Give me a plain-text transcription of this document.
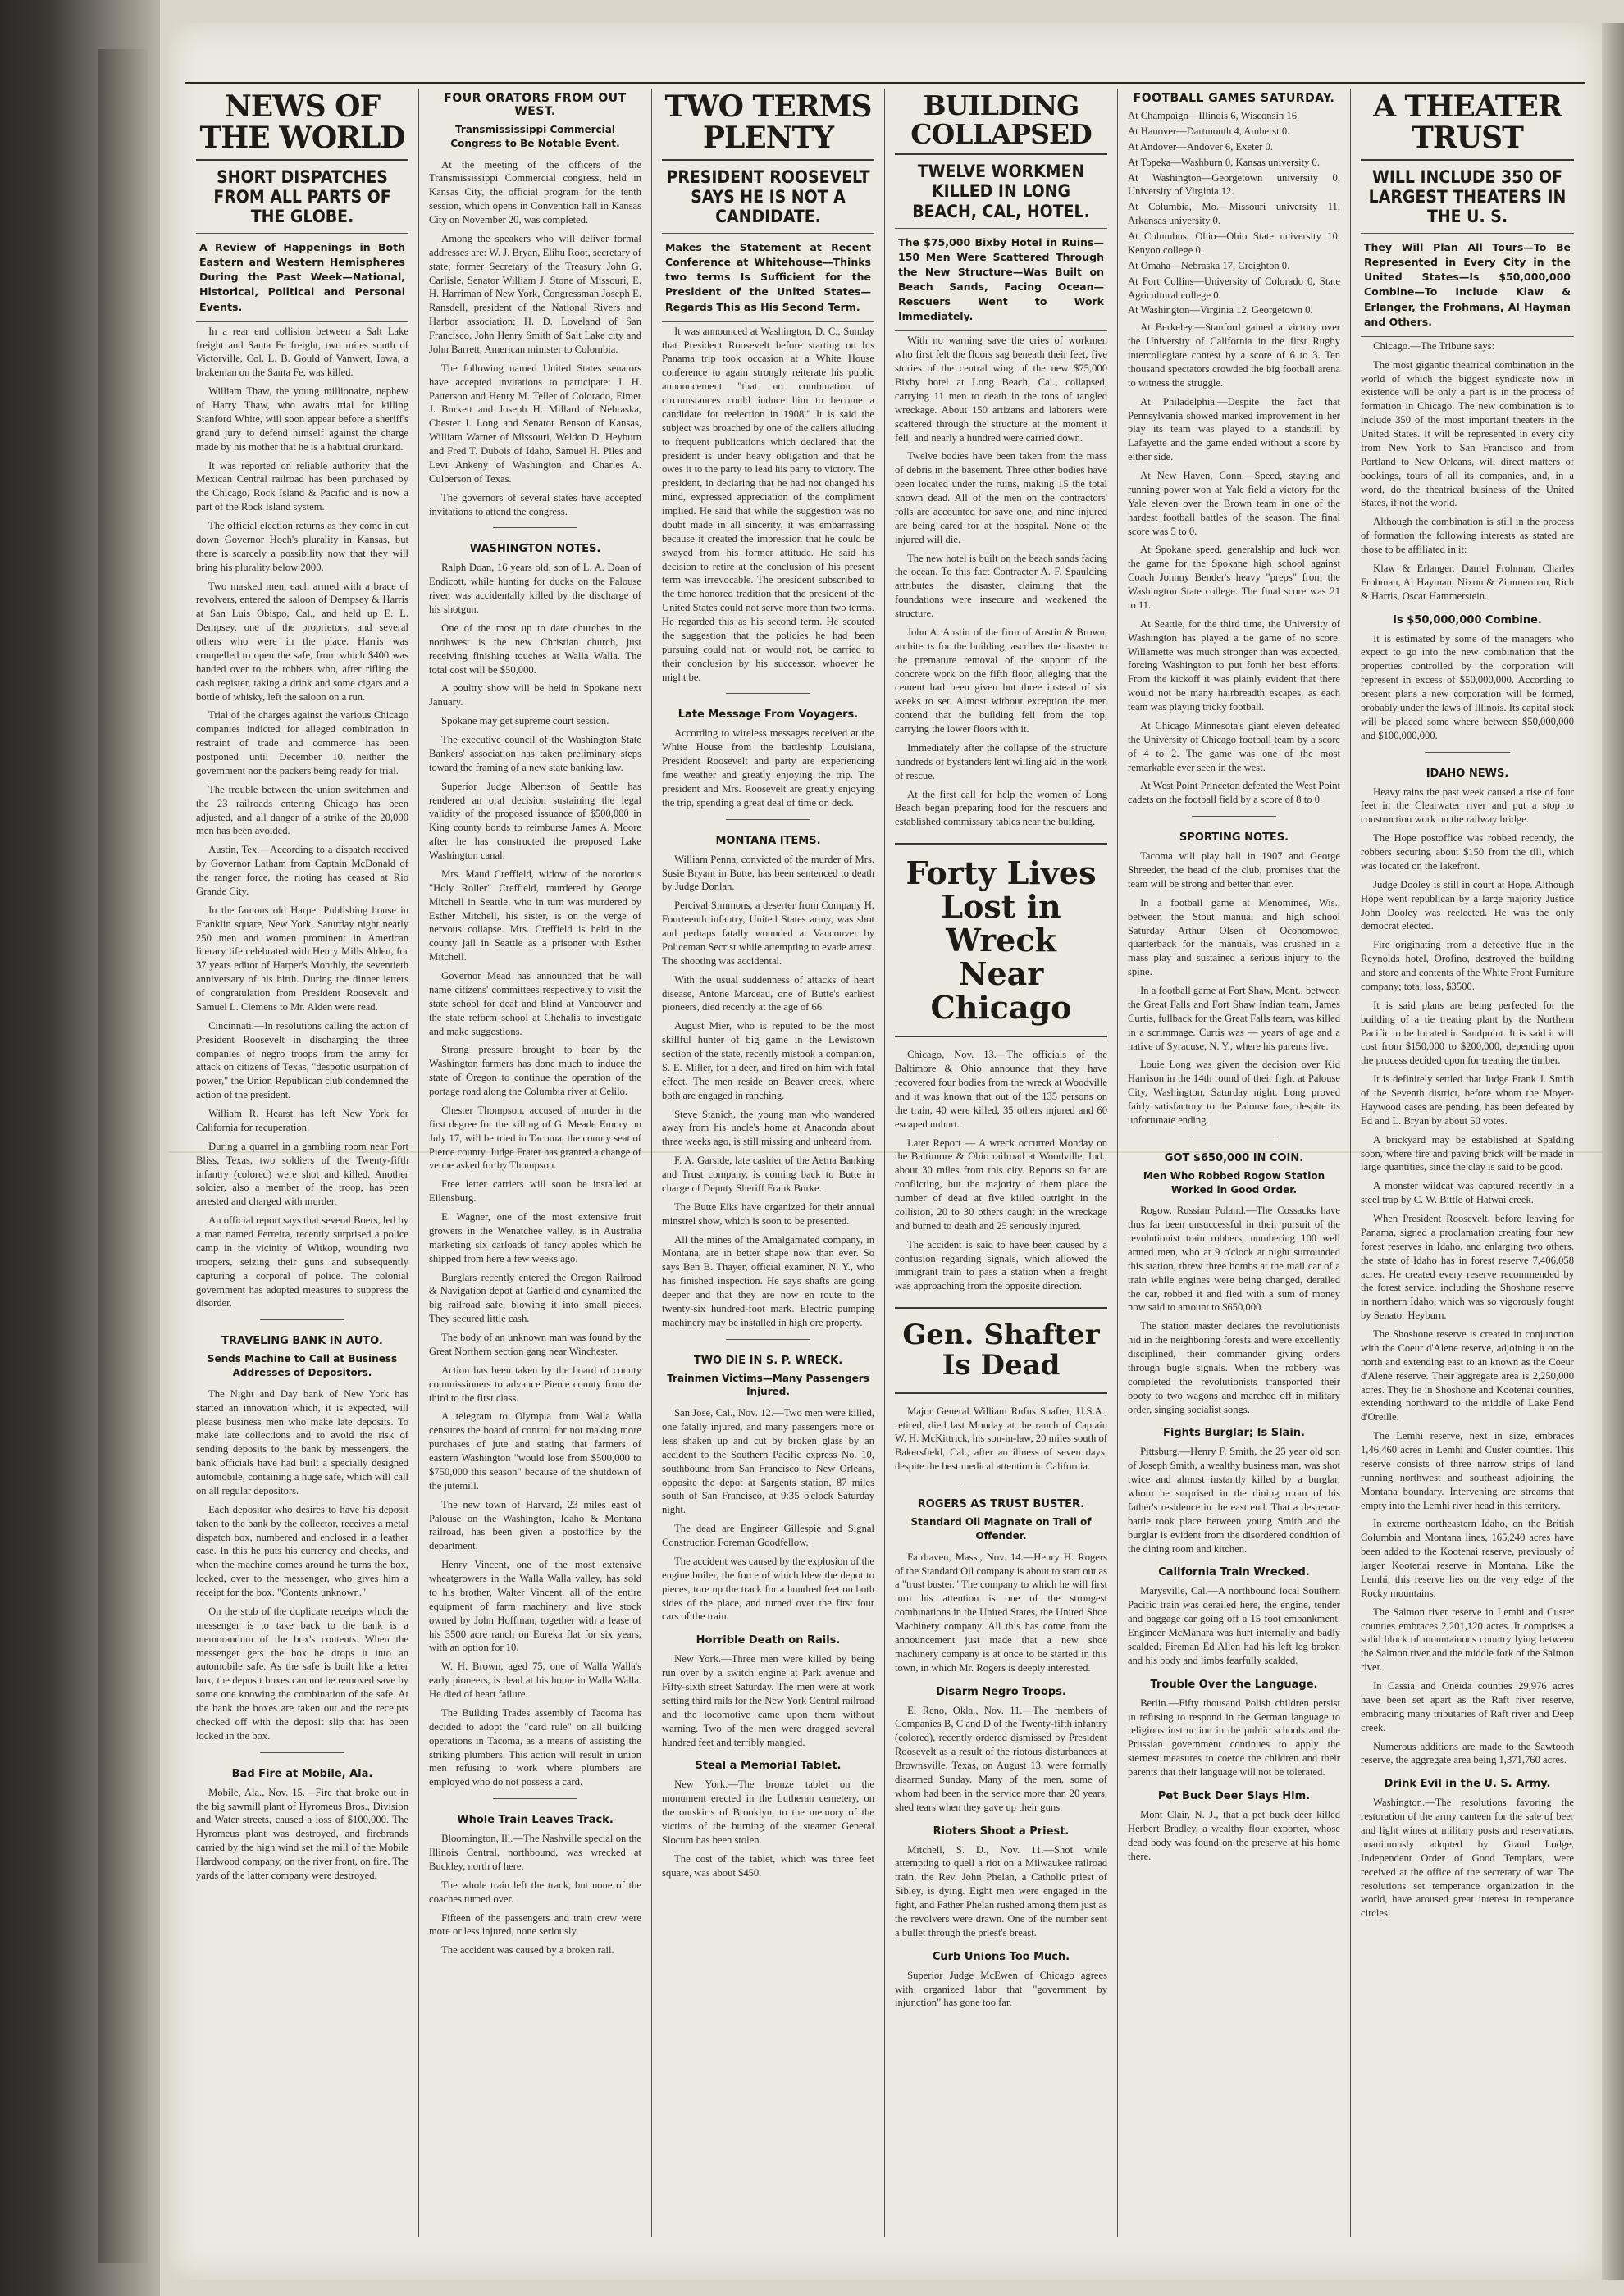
NEWS OF THE WORLD
SHORT DISPATCHES FROM ALL PARTS OF THE GLOBE.
A Review of Happenings in Both Eastern and Western Hemispheres During the Past Week—National, Historical, Political and Personal Events.

In a rear end collision between a Salt Lake freight and Santa Fe freight, two miles south of Victorville, Col. L. B. Gould of Vanwert, Iowa, a brakeman on the Santa Fe, was killed.

William Thaw, the young millionaire, nephew of Harry Thaw, who awaits trial for killing Stanford White, will soon appear before a sheriff's grand jury to defend himself against the charge made by his mother that he is a habitual drunkard.

It was reported on reliable authority that the Mexican Central railroad has been purchased by the Chicago, Rock Island & Pacific and is now a part of the Rock Island system.

The official election returns as they come in cut down Governor Hoch's plurality in Kansas, but there is scarcely a possibility now that they will bring his plurality below 2000.

Two masked men, each armed with a brace of revolvers, entered the saloon of Dempsey & Harris at San Luis Obispo, Cal., and held up E. L. Dempsey, one of the proprietors, and several others who were in the place. Harris was compelled to open the safe, from which $400 was handed over to the robbers who, after rifling the cash register, taking a drink and some cigars and a bottle of whisky, left the saloon on a run.

Trial of the charges against the various Chicago companies indicted for alleged combination in restraint of trade and commerce has been postponed until December 10, neither the government nor the packers being ready for trial.

The trouble between the union switchmen and the 23 railroads entering Chicago has been adjusted, and all danger of a strike of the 20,000 men has been avoided.

Austin, Tex.—According to a dispatch received by Governor Latham from Captain McDonald of the ranger force, the rioting has ceased at Rio Grande City.

In the famous old Harper Publishing house in Franklin square, New York, Saturday night nearly 250 men and women prominent in American literary life celebrated with Henry Mills Alden, for 37 years editor of Harper's Monthly, the seventieth anniversary of his birth. During the dinner letters of congratulation from President Roosevelt and Samuel L. Clemens to Mr. Alden were read.

Cincinnati.—In resolutions calling the action of President Roosevelt in discharging the three companies of negro troops from the army for attack on citizens of Texas, "despotic usurpation of power," the Union Republican club condemned the action of the president.

William R. Hearst has left New York for California for recuperation.

During a quarrel in a gambling room near Fort Bliss, Texas, two soldiers of the Twenty-fifth infantry (colored) were shot and killed. Another soldier, also a member of the troop, has been arrested and charged with murder.

An official report says that several Boers, led by a man named Ferreira, recently surprised a police camp in the vicinity of Witkop, wounding two troopers, seizing their guns and subsequently capturing a corporal of police. The colonial government has adopted measures to suppress the disorder.

TRAVELING BANK IN AUTO.
Sends Machine to Call at Business Addresses of Depositors.

The Night and Day bank of New York has started an innovation which, it is expected, will please business men who make late deposits. To make late collections and to avoid the risk of sending deposits to the bank by messengers, the bank officials have had built a specially designed automobile, containing a huge safe, which will call on all regular depositors.

Each depositor who desires to have his deposit taken to the bank by the collector, receives a metal dispatch box, numbered and enclosed in a leather case. In this he puts his currency and checks, and when the machine comes around he turns the box, locked, over to the messenger, who gives him a receipt for the box. "Contents unknown."

On the stub of the duplicate receipts which the messenger is to take back to the bank is a memorandum of the box's contents. When the messenger gets the box he drops it into an automobile safe. As the safe is built like a letter box, the deposit boxes can not be removed save by some one knowing the combination of the safe. At the bank the boxes are taken out and the receipts checked off with the deposit slip that has been locked in the box.

Bad Fire at Mobile, Ala.

Mobile, Ala., Nov. 15.—Fire that broke out in the big sawmill plant of Hyromeus Bros., Division and Water streets, caused a loss of $100,000. The Hyromeus plant was destroyed, and firebrands carried by the high wind set the mill of the Mobile Hardwood company, on the river front, on fire. The yards of the latter company were destroyed.

FOUR ORATORS FROM OUT WEST.
Transmississippi Commercial Congress to Be Notable Event.

At the meeting of the officers of the Transmississippi Commercial congress, held in Kansas City, the official program for the tenth session, which opens in Convention hall in Kansas City on November 20, was completed.

Among the speakers who will deliver formal addresses are: W. J. Bryan, Elihu Root, secretary of state; former Secretary of the Treasury John G. Carlisle, Senator William J. Stone of Missouri, E. H. Harriman of New York, Congressman Joseph E. Ransdell, president of the National Rivers and Harbor association; H. D. Loveland of San Francisco, John Henry Smith of Salt Lake city and John Barrett, American minister to Colombia.

The following named United States senators have accepted invitations to participate: J. H. Patterson and Henry M. Teller of Colorado, Elmer J. Burkett and Joseph H. Millard of Nebraska, Chester I. Long and Senator Benson of Kansas, William Warner of Missouri, Weldon D. Heyburn and Fred T. Dubois of Idaho, Samuel H. Piles and Levi Ankeny of Washington and Charles A. Culberson of Texas.

The governors of several states have accepted invitations to attend the congress.

WASHINGTON NOTES.

Ralph Doan, 16 years old, son of L. A. Doan of Endicott, while hunting for ducks on the Palouse river, was accidentally killed by the discharge of his shotgun.

One of the most up to date churches in the northwest is the new Christian church, just receiving finishing touches at Walla Walla. The total cost will be $50,000.

A poultry show will be held in Spokane next January.

Spokane may get supreme court session.

The executive council of the Washington State Bankers' association has taken preliminary steps toward the framing of a new state banking law.

Superior Judge Albertson of Seattle has rendered an oral decision sustaining the legal validity of the proposed issuance of $500,000 in King county bonds to reimburse James A. Moore after he has constructed the proposed Lake Washington canal.

Mrs. Maud Creffield, widow of the notorious "Holy Roller" Creffield, murdered by George Mitchell in Seattle, who in turn was murdered by Esther Mitchell, his sister, is on the verge of nervous collapse. Mrs. Creffield is held in the county jail in Seattle as a prisoner with Esther Mitchell.

Governor Mead has announced that he will name citizens' committees respectively to visit the state school for deaf and blind at Vancouver and the state reform school at Chehalis to investigate and make suggestions.

Strong pressure brought to bear by the Washington farmers has done much to induce the state of Oregon to continue the operation of the portage road along the Columbia river at Celilo.

Chester Thompson, accused of murder in the first degree for the killing of G. Meade Emory on July 17, will be tried in Tacoma, the county seat of Pierce county. Judge Frater has granted a change of venue asked for by Thompson.

Free letter carriers will soon be installed at Ellensburg.

E. Wagner, one of the most extensive fruit growers in the Wenatchee valley, is in Australia marketing six carloads of fancy apples which he shipped from here a few weeks ago.

Burglars recently entered the Oregon Railroad & Navigation depot at Garfield and dynamited the big railroad safe, blowing it into small pieces. They secured little cash.

The body of an unknown man was found by the Great Northern section gang near Winchester.

Action has been taken by the board of county commissioners to advance Pierce county from the third to the first class.

A telegram to Olympia from Walla Walla censures the board of control for not making more purchases of jute and stating that farmers of eastern Washington "would lose from $500,000 to $750,000 this season" because of the shutdown of the jutemill.

The new town of Harvard, 23 miles east of Palouse on the Washington, Idaho & Montana railroad, has been given a postoffice by the department.

Henry Vincent, one of the most extensive wheatgrowers in the Walla Walla valley, has sold to his brother, Walter Vincent, all of the entire equipment of farm machinery and live stock owned by John Hoffman, together with a lease of his 3500 acre ranch on Eureka flat for six years, with an option for 10.

W. H. Brown, aged 75, one of Walla Walla's early pioneers, is dead at his home in Walla Walla. He died of heart failure.

The Building Trades assembly of Tacoma has decided to adopt the "card rule" on all building operations in Tacoma, as a means of assisting the striking plumbers. This action will result in union men refusing to work where plumbers are employed who do not possess a card.

Whole Train Leaves Track.

Bloomington, Ill.—The Nashville special on the Illinois Central, northbound, was wrecked at Buckley, north of here.

The whole train left the track, but none of the coaches turned over.

Fifteen of the passengers and train crew were more or less injured, none seriously.

The accident was caused by a broken rail.

TWO TERMS PLENTY
PRESIDENT ROOSEVELT SAYS HE IS NOT A CANDIDATE.
Makes the Statement at Recent Conference at Whitehouse—Thinks two terms Is Sufficient for the President of the United States—Regards This as His Second Term.

It was announced at Washington, D. C., Sunday that President Roosevelt before starting on his Panama trip took occasion at a White House conference to again strongly reiterate his public announcement "that no combination of circumstances could induce him to become a candidate for reelection in 1908." It is said the subject was broached by one of the callers alluding to frequent publications which declared that the president is under heavy obligation and that he owes it to the party to lead his party to victory. The president, in declaring that he had not changed his mind, expressed appreciation of the compliment implied. He said that while the suggestion was no doubt made in all sincerity, it was embarrassing because it created the impression that he could be swayed from his former attitude. He said his decision to retire at the conclusion of his present term was irrevocable. The president subscribed to the time honored tradition that the president of the United States could not serve more than two terms. He regarded this as his second term. He scouted the suggestion that the policies he had been pursuing could not, or would not, be carried to their conclusion by his successor, whoever he might be.

Late Message From Voyagers.

According to wireless messages received at the White House from the battleship Louisiana, President Roosevelt and party are experiencing fine weather and greatly enjoying the trip. The president and Mrs. Roosevelt are greatly enjoying the trip, spending a great deal of time on deck.

MONTANA ITEMS.

William Penna, convicted of the murder of Mrs. Susie Bryant in Butte, has been sentenced to death by Judge Donlan.

Percival Simmons, a deserter from Company H, Fourteenth infantry, United States army, was shot and perhaps fatally wounded at Vancouver by Policeman Secrist while attempting to evade arrest. The shooting was accidental.

With the usual suddenness of attacks of heart disease, Antone Marceau, one of Butte's earliest pioneers, died recently at the age of 66.

August Mier, who is reputed to be the most skillful hunter of big game in the Lewistown section of the state, recently mistook a companion, S. E. Miller, for a deer, and fired on him with fatal effect. The men reside on Beaver creek, where both are engaged in ranching.

Steve Stanich, the young man who wandered away from his uncle's home at Anaconda about three weeks ago, is still missing and unheard from.

F. A. Garside, late cashier of the Aetna Banking and Trust company, is coming back to Butte in charge of Deputy Sheriff Frank Burke.

The Butte Elks have organized for their annual minstrel show, which is soon to be presented.

All the mines of the Amalgamated company, in Montana, are in better shape now than ever. So says Ben B. Thayer, official examiner, N. Y., who has finished inspection. He says shafts are going deeper and that they are now en route to the twenty-six hundred-foot mark. Electric pumping machinery may be installed in high ore property.

TWO DIE IN S. P. WRECK.
Trainmen Victims—Many Passengers Injured.

San Jose, Cal., Nov. 12.—Two men were killed, one fatally injured, and many passengers more or less shaken up and cut by broken glass by an accident to the Southern Pacific express No. 10, southbound from San Francisco to New Orleans, opposite the depot at Sargents station, 87 miles south of San Francisco, at 9:35 o'clock Saturday night.

The dead are Engineer Gillespie and Signal Construction Foreman Goodfellow.

The accident was caused by the explosion of the engine boiler, the force of which blew the depot to pieces, tore up the track for a hundred feet on both sides of the place, and turned over the first four cars of the train.

Horrible Death on Rails.

New York.—Three men were killed by being run over by a switch engine at Park avenue and Fifty-sixth street Saturday. The men were at work setting third rails for the New York Central railroad and the locomotive came upon them without warning. Two of the men were dragged several hundred feet and terribly mangled.

Steal a Memorial Tablet.

New York.—The bronze tablet on the monument erected in the Lutheran cemetery, on the outskirts of Brooklyn, to the memory of the victims of the burning of the steamer General Slocum has been stolen.

The cost of the tablet, which was three feet square, was about $450.

BUILDING COLLAPSED
TWELVE WORKMEN KILLED IN LONG BEACH, CAL, HOTEL.
The $75,000 Bixby Hotel in Ruins—150 Men Were Scattered Through the New Structure—Was Built on Beach Sands, Facing Ocean—Rescuers Went to Work Immediately.

With no warning save the cries of workmen who first felt the floors sag beneath their feet, five stories of the central wing of the new $75,000 Bixby hotel at Long Beach, Cal., collapsed, carrying 11 men to death in the tons of tangled wreckage. About 150 artizans and laborers were scattered through the structure at the moment it fell, and nearly a hundred were carried down.

Twelve bodies have been taken from the mass of debris in the basement. Three other bodies have been located under the ruins, making 15 the total known dead. All of the men on the contractors' rolls are accounted for save one, and nine injured are being cared for at the hospital. None of the injured will die.

The new hotel is built on the beach sands facing the ocean. To this fact Contractor A. F. Spaulding attributes the disaster, claiming that the foundations were insecure and weakened the structure.

John A. Austin of the firm of Austin & Brown, architects for the building, ascribes the disaster to the premature removal of the support of the concrete work on the fifth floor, alleging that the cement had been given but three instead of six weeks to set. Almost without exception the men contend that the building fell from the top, carrying the lower floors with it.

Immediately after the collapse of the structure hundreds of bystanders lent willing aid in the work of rescue.

At the first call for help the women of Long Beach began preparing food for the rescuers and established commissary tables near the building.

Forty Lives Lost in Wreck Near Chicago

Chicago, Nov. 13.—The officials of the Baltimore & Ohio announce that they have recovered four bodies from the wreck at Woodville and it was known that out of the 135 persons on the train, 40 were killed, 35 others injured and 60 escaped unhurt.

Later Report — A wreck occurred Monday on the Baltimore & Ohio railroad at Woodville, Ind., about 30 miles from this city. Reports so far are conflicting, but the majority of them place the number of dead at five killed outright in the collision, 20 to 30 others caught in the wreckage and burned to death and 25 seriously injured.

The accident is said to have been caused by a confusion regarding signals, which allowed the immigrant train to pass a station when a freight was approaching from the opposite direction.

Gen. Shafter Is Dead

Major General William Rufus Shafter, U.S.A., retired, died last Monday at the ranch of Captain W. H. McKittrick, his son-in-law, 20 miles south of Bakersfield, Cal., after an illness of seven days, despite the best medical attention in California.

ROGERS AS TRUST BUSTER.
Standard Oil Magnate on Trail of Offender.

Fairhaven, Mass., Nov. 14.—Henry H. Rogers of the Standard Oil company is about to start out as a "trust buster." The company to which he will first turn his attention is one of the strongest combinations in the United States, the United Shoe Machinery company. All this has come from the announcement just made that a new shoe machinery company is at once to be started in this town, in which Mr. Rogers is deeply interested.

Disarm Negro Troops.

El Reno, Okla., Nov. 11.—The members of Companies B, C and D of the Twenty-fifth infantry (colored), recently ordered dismissed by President Roosevelt as a result of the riotous disturbances at Brownsville, Texas, on August 13, were formally disarmed Sunday. Many of the men, some of whom had been in the service more than 20 years, shed tears when they gave up their guns.

Rioters Shoot a Priest.

Mitchell, S. D., Nov. 11.—Shot while attempting to quell a riot on a Milwaukee railroad train, the Rev. John Phelan, a Catholic priest of Sibley, is dying. Eight men were engaged in the fight, and Father Phelan rushed among them just as the revolvers were drawn. One of the number sent a bullet through the priest's breast.

Curb Unions Too Much.

Superior Judge McEwen of Chicago agrees with organized labor that "government by injunction" has gone too far.

FOOTBALL GAMES SATURDAY.

At Champaign—Illinois 6, Wisconsin 16.

At Hanover—Dartmouth 4, Amherst 0.

At Andover—Andover 6, Exeter 0.

At Topeka—Washburn 0, Kansas university 0.

At Washington—Georgetown university 0, University of Virginia 12.

At Columbia, Mo.—Missouri university 11, Arkansas university 0.

At Columbus, Ohio—Ohio State university 10, Kenyon college 0.

At Omaha—Nebraska 17, Creighton 0.

At Fort Collins—University of Colorado 0, State Agricultural college 0.

At Washington—Virginia 12, Georgetown 0.

At Berkeley.—Stanford gained a victory over the University of California in the first Rugby intercollegiate contest by a score of 6 to 3. Ten thousand spectators crowded the big football arena to witness the struggle.

At Philadelphia.—Despite the fact that Pennsylvania showed marked improvement in her play its team was played to a standstill by Lafayette and the game ended without a score by either side.

At New Haven, Conn.—Speed, staying and running power won at Yale field a victory for the Yale eleven over the Brown team in one of the hardest football battles of the season. The final score was 5 to 0.

At Spokane speed, generalship and luck won the game for the Spokane high school against Coach Johnny Bender's heavy "preps" from the Washington State college. The final score was 21 to 11.

At Seattle, for the third time, the University of Washington has played a tie game of no score. Willamette was much stronger than was expected, forcing Washington to put forth her best efforts. From the kickoff it was plainly evident that there would not be many hairbreadth escapes, as each team was playing tricky football.

At Chicago Minnesota's giant eleven defeated the University of Chicago football team by a score of 4 to 2. The game was one of the most remarkable ever seen in the west.

At West Point Princeton defeated the West Point cadets on the football field by a score of 8 to 0.

SPORTING NOTES.

Tacoma will play ball in 1907 and George Shreeder, the head of the club, promises that the team will be strong and better than ever.

In a football game at Menominee, Wis., between the Stout manual and high school Saturday Arthur Olsen of Oconomowoc, quarterback for the manuals, was crushed in a mass play and sustained a serious injury to the spine.

In a football game at Fort Shaw, Mont., between the Great Falls and Fort Shaw Indian team, James Curtis, fullback for the Great Falls team, was killed in a scrimmage. Curtis was — years of age and a native of Syracuse, N. Y., where his parents live.

Louie Long was given the decision over Kid Harrison in the 14th round of their fight at Palouse City, Washington, Saturday night. Long proved fairly satisfactory to the Palouse fans, despite its unfortunate ending.

GOT $650,000 IN COIN.
Men Who Robbed Rogow Station Worked in Good Order.

Rogow, Russian Poland.—The Cossacks have thus far been unsuccessful in their pursuit of the revolutionist train robbers, numbering 100 well armed men, who at 9 o'clock at night surrounded this station, threw three bombs at the mail car of a train while engines were being changed, derailed the car, robbed it and fled with a sum of money now said to amount to $650,000.

The station master declares the revolutionists hid in the neighboring forests and were excellently disciplined, their commander giving orders through bugle signals. When the robbery was completed the revolutionists transported their booty to two wagons and marched off in military order, singing socialist songs.

Fights Burglar; Is Slain.

Pittsburg.—Henry F. Smith, the 25 year old son of Joseph Smith, a wealthy business man, was shot twice and almost instantly killed by a burglar, whom he surprised in the dining room of his father's residence in the east end. That a desperate battle took place between young Smith and the burglar is evident from the disordered condition of the dining room and kitchen.

California Train Wrecked.

Marysville, Cal.—A northbound local Southern Pacific train was derailed here, the engine, tender and baggage car going off a 15 foot embankment. Engineer McManara was hurt internally and badly scalded. Fireman Ed Allen had his left leg broken and his body and limbs fearfully scalded.

Trouble Over the Language.

Berlin.—Fifty thousand Polish children persist in refusing to respond in the German language to religious instruction in the public schools and the Prussian government continues to apply the sternest measures to coerce the children and their parents that their language will not be tolerated.

Pet Buck Deer Slays Him.

Mont Clair, N. J., that a pet buck deer killed Herbert Bradley, a wealthy flour exporter, whose dead body was found on the preserve at his home there.

A THEATER TRUST
WILL INCLUDE 350 OF LARGEST THEATERS IN THE U. S.
They Will Plan All Tours—To Be Represented in Every City in the United States—Is $50,000,000 Combine—To Include Klaw & Erlanger, the Frohmans, Al Hayman and Others.

Chicago.—The Tribune says:

The most gigantic theatrical combination in the world of which the biggest syndicate now in existence will be only a part is in the process of formation in Chicago. The new combination is to include 350 of the most important theaters in the United States. It will be represented in every city from New York to San Francisco and from Portland to New Orleans, will direct matters of bookings, tours of all its companies, and, in a word, do the theatrical business of the United States, if not the world.

Although the combination is still in the process of formation the following interests as stated are those to be affiliated in it:

Klaw & Erlanger, Daniel Frohman, Charles Frohman, Al Hayman, Nixon & Zimmerman, Rich & Harris, Oscar Hammerstein.

Is $50,000,000 Combine.

It is estimated by some of the managers who expect to go into the new combination that the properties controlled by the corporation will represent in excess of $50,000,000. According to present plans a new corporation will be formed, probably under the laws of Illinois. Its capital stock will be placed some where between $50,000,000 and $100,000,000.

IDAHO NEWS.

Heavy rains the past week caused a rise of four feet in the Clearwater river and put a stop to construction work on the railway bridge.

The Hope postoffice was robbed recently, the robbers securing about $150 from the till, which was located on the lakefront.

Judge Dooley is still in court at Hope. Although Hope went republican by a large majority Justice John Dooley was reelected. He was the only democrat elected.

Fire originating from a defective flue in the Reynolds hotel, Orofino, destroyed the building and store and contents of the White Front Furniture company; total loss, $3500.

It is said plans are being perfected for the building of a tie treating plant by the Northern Pacific to be located in Sandpoint. It is said it will cost from $150,000 to $200,000, depending upon the process decided upon for treating the timber.

It is definitely settled that Judge Frank J. Smith of the Seventh district, before whom the Moyer-Haywood cases are pending, has been defeated by Ed and L. Bryan by about 50 votes.

A brickyard may be established at Spalding soon, where fire and paving brick will be made in large quantities, since the clay is said to be good.

A monster wildcat was captured recently in a steel trap by C. W. Bittle of Hatwai creek.

When President Roosevelt, before leaving for Panama, signed a proclamation creating four new forest reserves in Idaho, and enlarging two others, the state of Idaho has in forest reserve 7,406,058 acres. He created every reserve recommended by the forest service, including the Shoshone reserve in northern Idaho, which was so vigorously fought by Senator Heyburn.

The Shoshone reserve is created in conjunction with the Coeur d'Alene reserve, adjoining it on the north and extending east to an known as the Coeur d'Alene reserve. Their aggregate area is 2,250,000 acres. They lie in Shoshone and Kootenai counties, extending northward to the middle of Lake Pend d'Oreille.

The Lemhi reserve, next in size, embraces 1,46,460 acres in Lemhi and Custer counties. This reserve consists of three narrow strips of land running northwest and southeast adjoining the Montana boundary. Intervening are streams that empty into the Lemhi river head in this territory.

In extreme northeastern Idaho, on the British Columbia and Montana lines, 165,240 acres have been added to the Kootenai reserve, previously of larger Kootenai reserve in Montana. Like the Lemhi, this reserve lies on the very edge of the Rocky mountains.

The Salmon river reserve in Lemhi and Custer counties embraces 2,201,120 acres. It comprises a solid block of mountainous country lying between the Salmon river and the middle fork of the Salmon river.

In Cassia and Oneida counties 29,976 acres have been set apart as the Raft river reserve, embracing many tributaries of Raft river and Deep creek.

Numerous additions are made to the Sawtooth reserve, the aggregate area being 1,371,760 acres.

Drink Evil in the U. S. Army.

Washington.—The resolutions favoring the restoration of the army canteen for the sale of beer and light wines at military posts and reservations, unanimously adopted by Grand Lodge, Independent Order of Good Templars, were received at the office of the secretary of war. The resolutions set temperance organization in the world, have aroused great interest in temperance circles.
